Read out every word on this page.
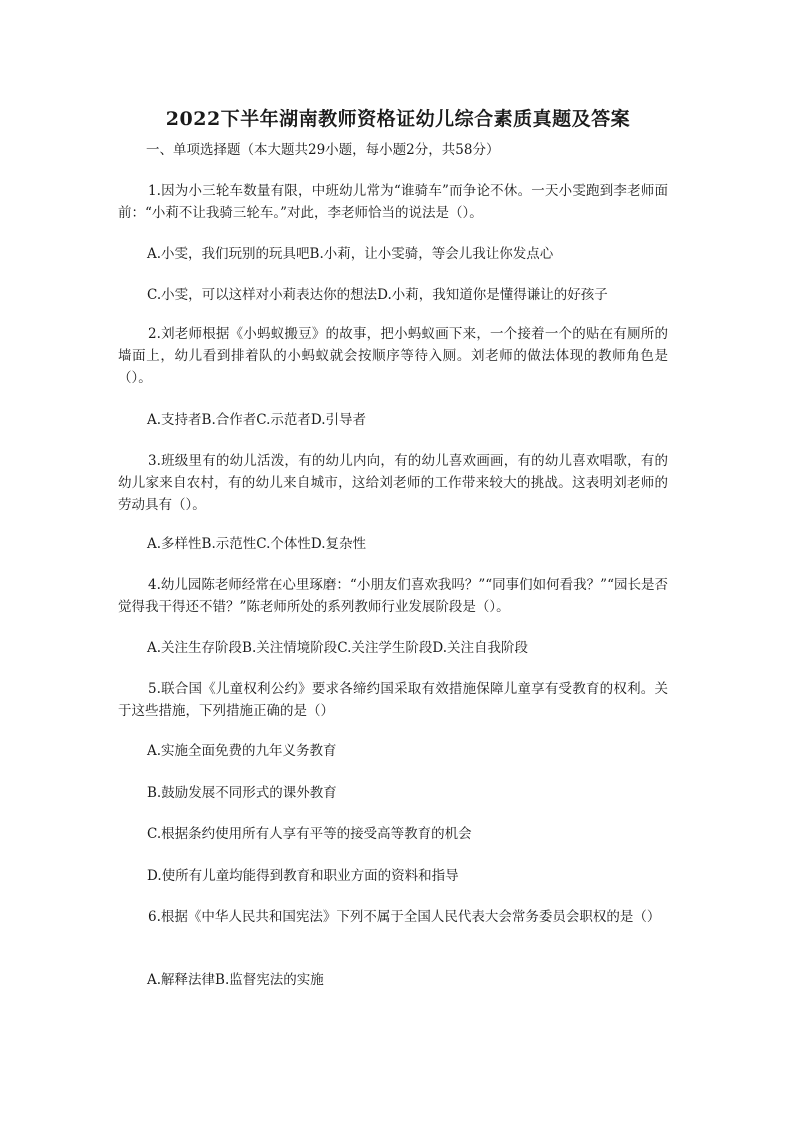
2022下半年湖南教师资格证幼儿综合素质真题及答案
一、单项选择题（本大题共29小题，每小题2分，共58分）
1.因为小三轮车数量有限，中班幼儿常为“谁骑车”而争论不休。一天小雯跑到李老师面前：“小莉不让我骑三轮车。”对此，李老师恰当的说法是（）。
A.小雯，我们玩别的玩具吧B.小莉，让小雯骑，等会儿我让你发点心
C.小雯，可以这样对小莉表达你的想法D.小莉，我知道你是懂得谦让的好孩子
2.刘老师根据《小蚂蚁搬豆》的故事，把小蚂蚁画下来，一个接着一个的贴在有厕所的墙面上，幼儿看到排着队的小蚂蚁就会按顺序等待入厕。刘老师的做法体现的教师角色是（）。
A.支持者B.合作者C.示范者D.引导者
3.班级里有的幼儿活泼，有的幼儿内向，有的幼儿喜欢画画，有的幼儿喜欢唱歌，有的幼儿家来自农村，有的幼儿来自城市，这给刘老师的工作带来较大的挑战。这表明刘老师的劳动具有（）。
A.多样性B.示范性C.个体性D.复杂性
4.幼儿园陈老师经常在心里琢磨：“小朋友们喜欢我吗？”“同事们如何看我？”“园长是否觉得我干得还不错？”陈老师所处的系列教师行业发展阶段是（）。
A.关注生存阶段B.关注情境阶段C.关注学生阶段D.关注自我阶段
5.联合国《儿童权利公约》要求各缔约国采取有效措施保障儿童享有受教育的权利。关于这些措施，下列措施正确的是（）
A.实施全面免费的九年义务教育
B.鼓励发展不同形式的课外教育
C.根据条约使用所有人享有平等的接受高等教育的机会
D.使所有儿童均能得到教育和职业方面的资料和指导
6.根据《中华人民共和国宪法》下列不属于全国人民代表大会常务委员会职权的是（）
A.解释法律B.监督宪法的实施
